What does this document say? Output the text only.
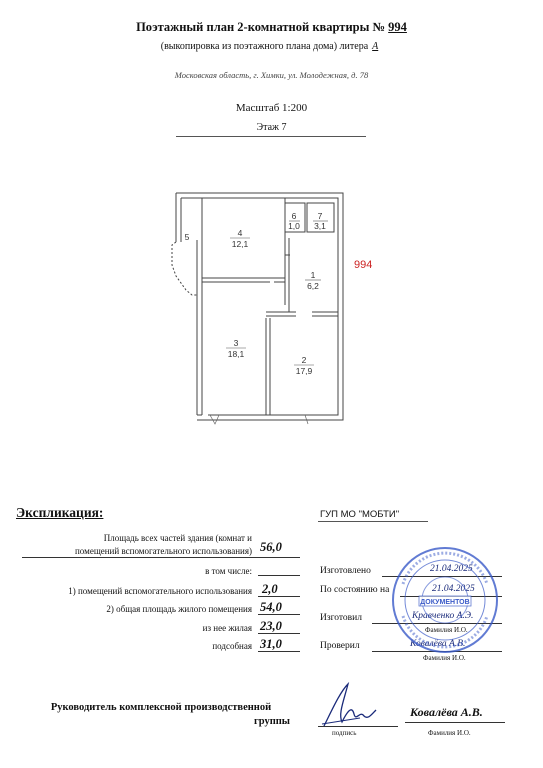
Поэтажный план 2-комнатной квартиры № 994
(выкопировка из поэтажного плана дома) литера А
Московская область, г. Химки, ул. Молодежная, д. 78
Масштаб 1:200
Этаж 7
4
12,1
6
1,0
7
3,1
1
6,2
3
18,1
2
17,9
5
994
Экспликация:	ГУП МО "МОБТИ"
Площадь всех частей здания (комнат и
помещений вспомогательного использования) 56,0
в том числе:
1) помещений вспомогательного использования 2,0
2) общая площадь жилого помещения 54,0
из нее жилая 23,0
подсобная 31,0
Изготовлено	21.04.2025
По состоянию на	21.04.2025
Изготовил	Кравченко А.Э.
Фамилия И.О.
Проверил	Ковалёва А.В.
Фамилия И.О.
ДОКУМЕНТОВ
Руководитель комплексной производственной
группы
подпись
Ковалёва А.В.
Фамилия И.О.
